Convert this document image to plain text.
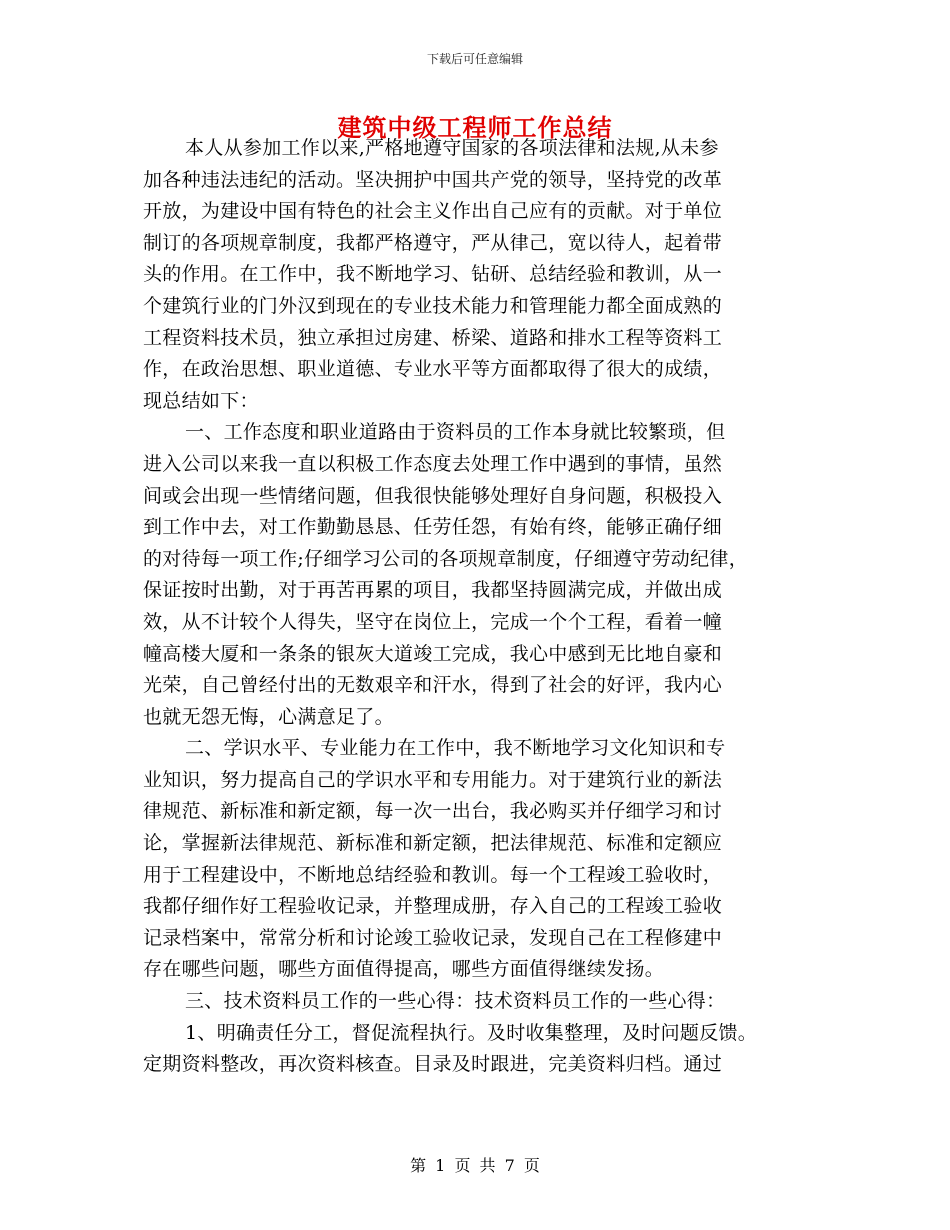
下载后可任意编辑
建筑中级工程师工作总结
本人从参加工作以来,严格地遵守国家的各项法律和法规,从未参
加各种违法违纪的活动。坚决拥护中国共产党的领导，坚持党的改革
开放，为建设中国有特色的社会主义作出自己应有的贡献。对于单位
制订的各项规章制度，我都严格遵守，严从律己，宽以待人，起着带
头的作用。在工作中，我不断地学习、钻研、总结经验和教训，从一
个建筑行业的门外汉到现在的专业技术能力和管理能力都全面成熟的
工程资料技术员，独立承担过房建、桥梁、道路和排水工程等资料工
作，在政治思想、职业道德、专业水平等方面都取得了很大的成绩，
现总结如下：
一、工作态度和职业道路由于资料员的工作本身就比较繁琐，但
进入公司以来我一直以积极工作态度去处理工作中遇到的事情，虽然
间或会出现一些情绪问题，但我很快能够处理好自身问题，积极投入
到工作中去，对工作勤勤恳恳、任劳任怨，有始有终，能够正确仔细
的对待每一项工作;仔细学习公司的各项规章制度，仔细遵守劳动纪律，
保证按时出勤，对于再苦再累的项目，我都坚持圆满完成，并做出成
效，从不计较个人得失，坚守在岗位上，完成一个个工程，看着一幢
幢高楼大厦和一条条的银灰大道竣工完成，我心中感到无比地自豪和
光荣，自己曾经付出的无数艰辛和汗水，得到了社会的好评，我内心
也就无怨无悔，心满意足了。
二、学识水平、专业能力在工作中，我不断地学习文化知识和专
业知识，努力提高自己的学识水平和专用能力。对于建筑行业的新法
律规范、新标准和新定额，每一次一出台，我必购买并仔细学习和讨
论，掌握新法律规范、新标准和新定额，把法律规范、标准和定额应
用于工程建设中，不断地总结经验和教训。每一个工程竣工验收时，
我都仔细作好工程验收记录，并整理成册，存入自己的工程竣工验收
记录档案中，常常分析和讨论竣工验收记录，发现自己在工程修建中
存在哪些问题，哪些方面值得提高，哪些方面值得继续发扬。
三、技术资料员工作的一些心得：技术资料员工作的一些心得：
1、明确责任分工，督促流程执行。及时收集整理，及时问题反馈。
定期资料整改，再次资料核查。目录及时跟进，完美资料归档。通过
第 1 页 共 7 页
